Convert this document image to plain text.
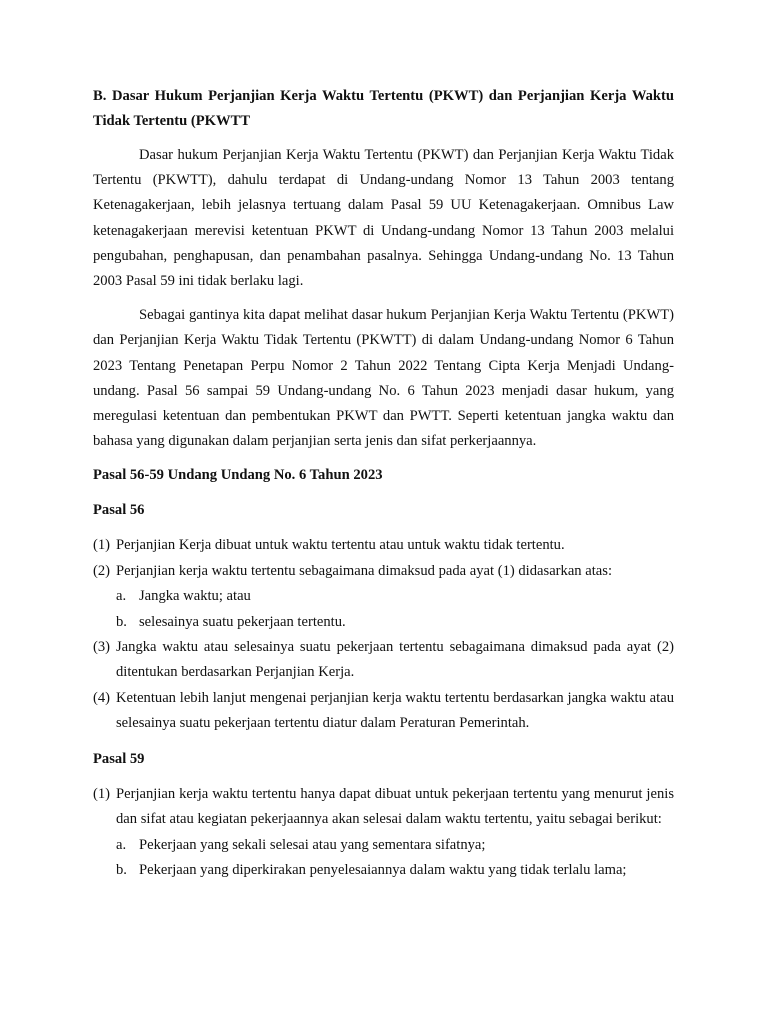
B. Dasar Hukum Perjanjian Kerja Waktu Tertentu (PKWT) dan Perjanjian Kerja Waktu Tidak Tertentu (PKWTT

Dasar hukum Perjanjian Kerja Waktu Tertentu (PKWT) dan Perjanjian Kerja Waktu Tidak Tertentu (PKWTT), dahulu terdapat di Undang-undang Nomor 13 Tahun 2003 tentang Ketenagakerjaan, lebih jelasnya tertuang dalam Pasal 59 UU Ketenagakerjaan. Omnibus Law ketenagakerjaan merevisi ketentuan PKWT di Undang-undang Nomor 13 Tahun 2003 melalui pengubahan, penghapusan, dan penambahan pasalnya. Sehingga Undang-undang No. 13 Tahun 2003 Pasal 59 ini tidak berlaku lagi.

Sebagai gantinya kita dapat melihat dasar hukum Perjanjian Kerja Waktu Tertentu (PKWT) dan Perjanjian Kerja Waktu Tidak Tertentu (PKWTT) di dalam Undang-undang Nomor 6 Tahun 2023 Tentang Penetapan Perpu Nomor 2 Tahun 2022 Tentang Cipta Kerja Menjadi Undang-undang. Pasal 56 sampai 59 Undang-undang No. 6 Tahun 2023 menjadi dasar hukum, yang meregulasi ketentuan dan pembentukan PKWT dan PWTT. Seperti ketentuan jangka waktu dan bahasa yang digunakan dalam perjanjian serta jenis dan sifat perkerjaannya.

Pasal 56-59 Undang Undang No. 6 Tahun 2023

Pasal 56

(1) Perjanjian Kerja dibuat untuk waktu tertentu atau untuk waktu tidak tertentu.
(2) Perjanjian kerja waktu tertentu sebagaimana dimaksud pada ayat (1) didasarkan atas:
a. Jangka waktu; atau
b. selesainya suatu pekerjaan tertentu.
(3) Jangka waktu atau selesainya suatu pekerjaan tertentu sebagaimana dimaksud pada ayat (2) ditentukan berdasarkan Perjanjian Kerja.
(4) Ketentuan lebih lanjut mengenai perjanjian kerja waktu tertentu berdasarkan jangka waktu atau selesainya suatu pekerjaan tertentu diatur dalam Peraturan Pemerintah.

Pasal 59

(1) Perjanjian kerja waktu tertentu hanya dapat dibuat untuk pekerjaan tertentu yang menurut jenis dan sifat atau kegiatan pekerjaannya akan selesai dalam waktu tertentu, yaitu sebagai berikut:
a. Pekerjaan yang sekali selesai atau yang sementara sifatnya;
b. Pekerjaan yang diperkirakan penyelesaiannya dalam waktu yang tidak terlalu lama;
